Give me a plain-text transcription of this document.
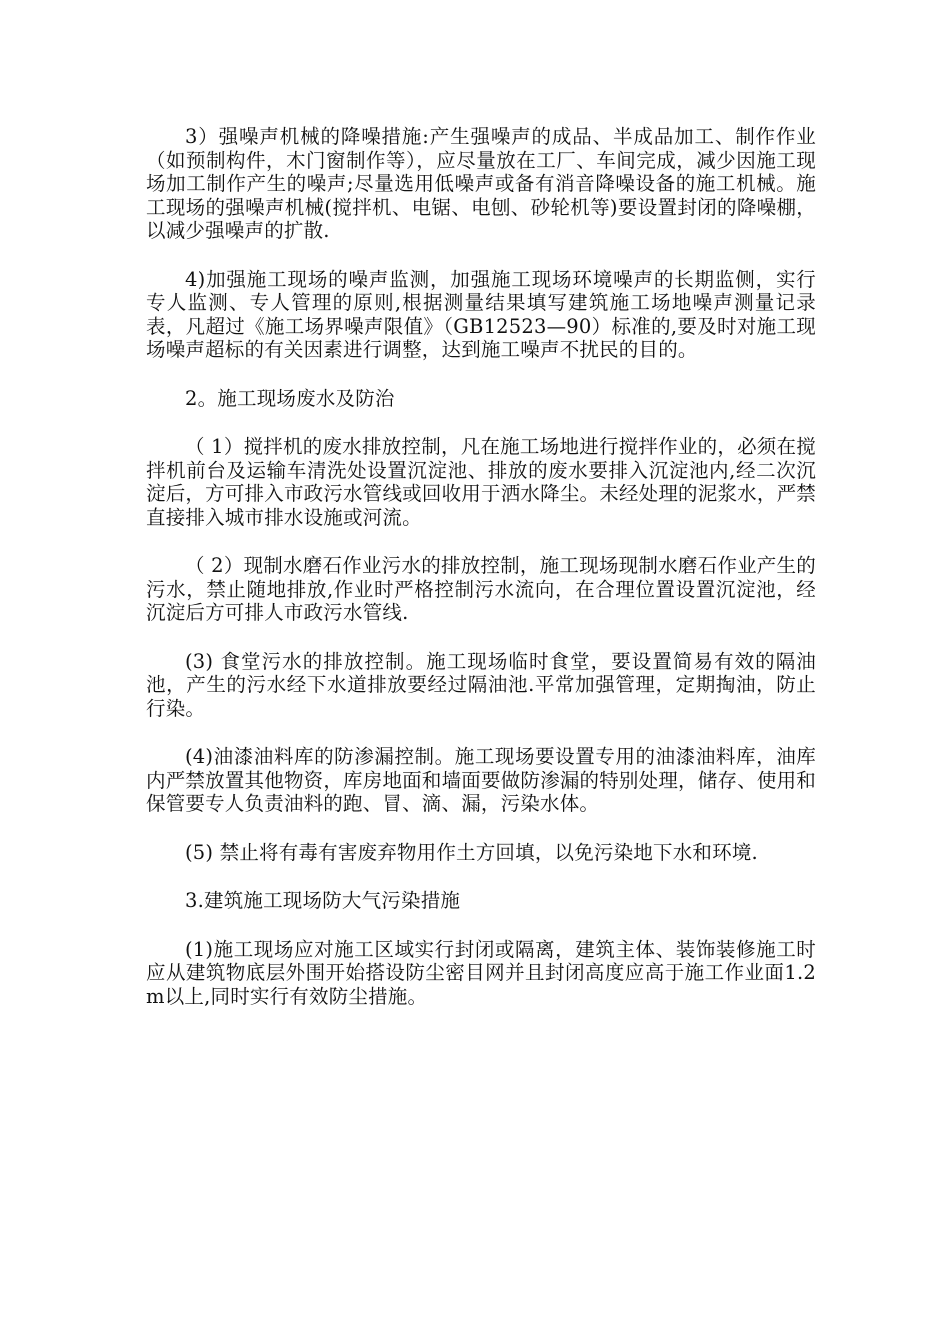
3）强噪声机械的降噪措施:产生强噪声的成品、半成品加工、制作作业（如预制构件，木门窗制作等），应尽量放在工厂、车间完成，减少因施工现场加工制作产生的噪声;尽量选用低噪声或备有消音降噪设备的施工机械。施工现场的强噪声机械(搅拌机、电锯、电刨、砂轮机等)要设置封闭的降噪棚，以减少强噪声的扩散.

4)加强施工现场的噪声监测，加强施工现场环境噪声的长期监侧，实行专人监测、专人管理的原则,根据测量结果填写建筑施工场地噪声测量记录表，凡超过《施工场界噪声限值》（GB12523—90）标准的,要及时对施工现场噪声超标的有关因素进行调整，达到施工噪声不扰民的目的。

2。施工现场废水及防治

（ 1）搅拌机的废水排放控制，凡在施工场地进行搅拌作业的，必须在搅拌机前台及运输车清洗处设置沉淀池、排放的废水要排入沉淀池内,经二次沉淀后，方可排入市政污水管线或回收用于洒水降尘。未经处理的泥浆水，严禁直接排入城市排水设施或河流。

（ 2）现制水磨石作业污水的排放控制，施工现场现制水磨石作业产生的污水，禁止随地排放,作业时严格控制污水流向，在合理位置设置沉淀池，经沉淀后方可排人市政污水管线.

(3) 食堂污水的排放控制。施工现场临时食堂，要设置简易有效的隔油池，产生的污水经下水道排放要经过隔油池.平常加强管理，定期掏油，防止行染。

(4)油漆油料库的防渗漏控制。施工现场要设置专用的油漆油料库，油库内严禁放置其他物资，库房地面和墙面要做防渗漏的特别处理，储存、使用和保管要专人负责油料的跑、冒、滴、漏，污染水体。

(5) 禁止将有毒有害废弃物用作土方回填，以免污染地下水和环境.

3.建筑施工现场防大气污染措施

(1)施工现场应对施工区域实行封闭或隔离，建筑主体、装饰装修施工时应从建筑物底层外围开始搭设防尘密目网并且封闭高度应高于施工作业面1.2m以上,同时实行有效防尘措施。
